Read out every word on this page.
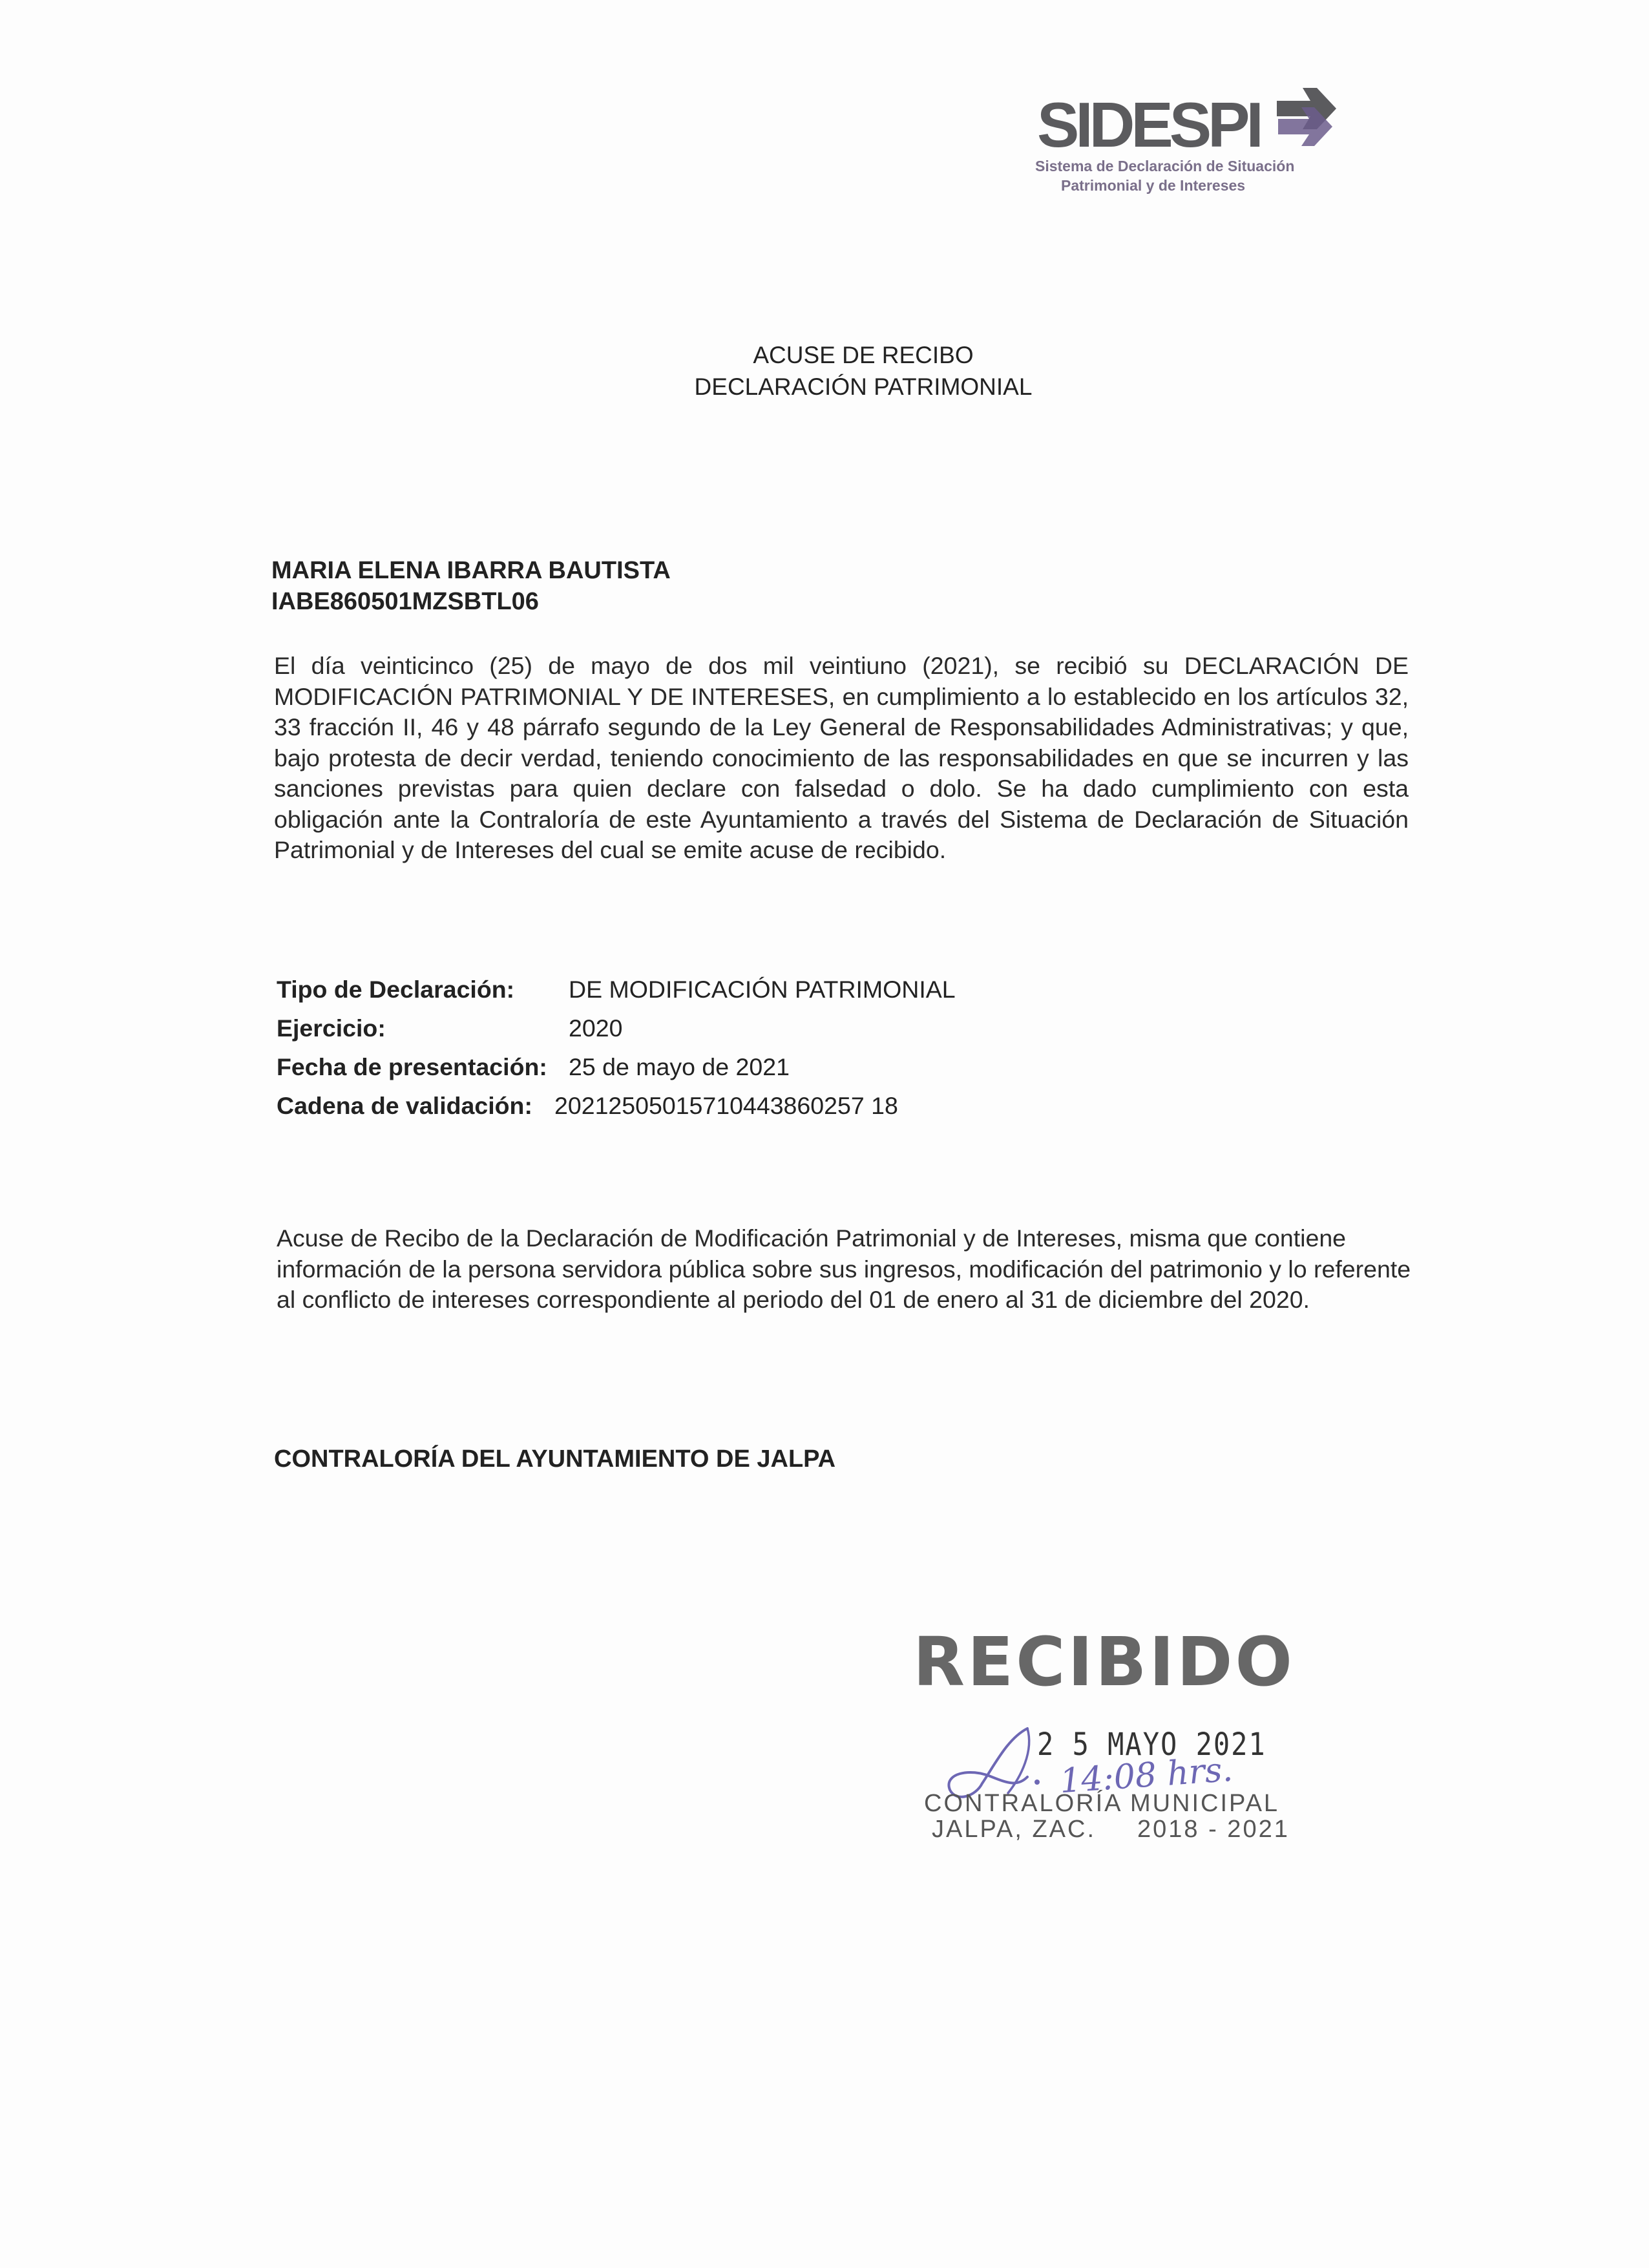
SIDESPI

Sistema de Declaración de Situación
Patrimonial y de Intereses
ACUSE DE RECIBO
DECLARACIÓN PATRIMONIAL
MARIA ELENA IBARRA BAUTISTA
IABE860501MZSBTL06
El día veinticinco (25) de mayo de dos mil veintiuno (2021), se recibió su DECLARACIÓN DE MODIFICACIÓN PATRIMONIAL Y DE INTERESES, en cumplimiento a lo establecido en los artículos 32, 33 fracción II, 46 y 48 párrafo segundo de la Ley General de Responsabilidades Administrativas; y que, bajo protesta de decir verdad, teniendo conocimiento de las responsabilidades en que se incurren y las sanciones previstas para quien declare con falsedad o dolo. Se ha dado cumplimiento con esta obligación ante la Contraloría de este Ayuntamiento a través del Sistema de Declaración de Situación Patrimonial y de Intereses del cual se emite acuse de recibido.
Tipo de Declaración: DE MODIFICACIÓN PATRIMONIAL
Ejercicio:	2020
Fecha de presentación: 25 de mayo de 2021
Cadena de validación: 20212505015710443860257 18
Acuse de Recibo de la Declaración de Modificación Patrimonial y de Intereses, misma que contiene información de la persona servidora pública sobre sus ingresos, modificación del patrimonio y lo referente al conflicto de intereses correspondiente al periodo del 01 de enero al 31 de diciembre del 2020.
CONTRALORÍA DEL AYUNTAMIENTO DE JALPA
RECIBIDO
2 5 MAYO 2021
14:08 hrs.
CONTRALORÍA MUNICIPAL
JALPA, ZAC. 2018 - 2021
